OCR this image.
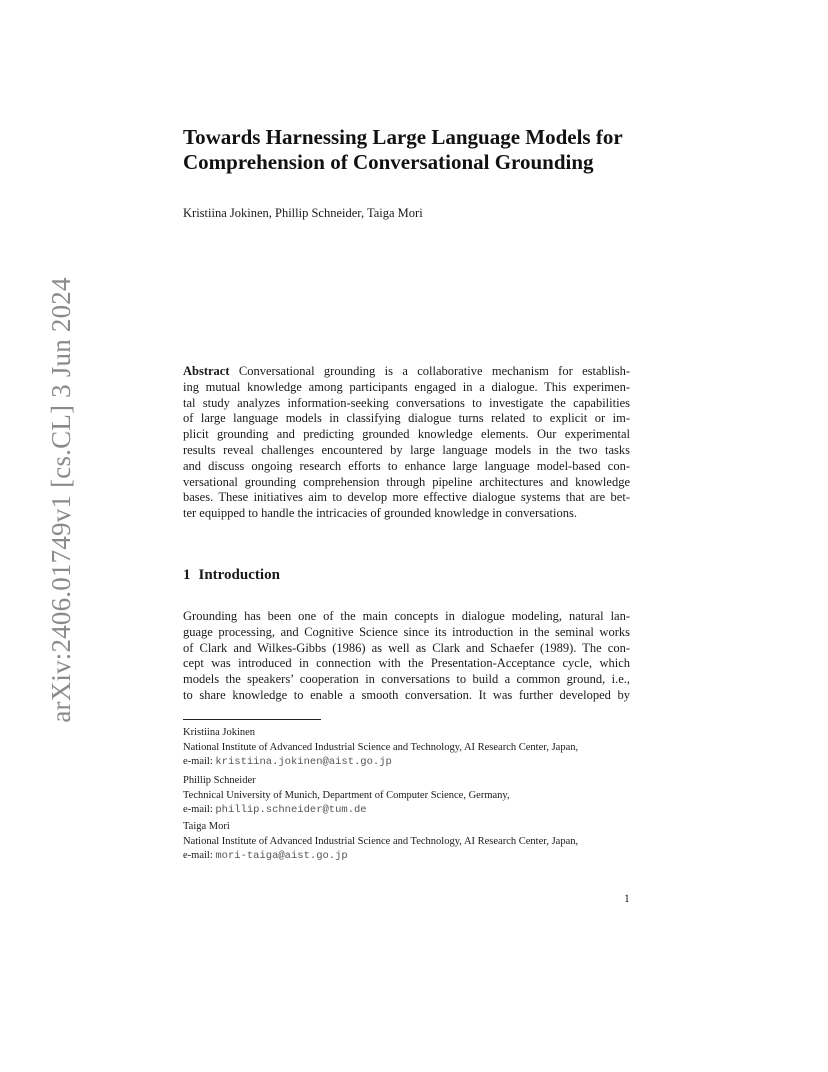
arXiv:2406.01749v1 [cs.CL] 3 Jun 2024
Towards Harnessing Large Language Models for
Comprehension of Conversational Grounding
Kristiina Jokinen, Phillip Schneider, Taiga Mori
Abstract Conversational grounding is a collaborative mechanism for establish-
ing mutual knowledge among participants engaged in a dialogue. This experimen-
tal study analyzes information-seeking conversations to investigate the capabilities
of large language models in classifying dialogue turns related to explicit or im-
plicit grounding and predicting grounded knowledge elements. Our experimental
results reveal challenges encountered by large language models in the two tasks
and discuss ongoing research efforts to enhance large language model-based con-
versational grounding comprehension through pipeline architectures and knowledge
bases. These initiatives aim to develop more effective dialogue systems that are bet-
ter equipped to handle the intricacies of grounded knowledge in conversations.
1 Introduction
Grounding has been one of the main concepts in dialogue modeling, natural lan-
guage processing, and Cognitive Science since its introduction in the seminal works
of Clark and Wilkes-Gibbs (1986) as well as Clark and Schaefer (1989). The con-
cept was introduced in connection with the Presentation-Acceptance cycle, which
models the speakers’ cooperation in conversations to build a common ground, i.e.,
to share knowledge to enable a smooth conversation. It was further developed by
Kristiina Jokinen
National Institute of Advanced Industrial Science and Technology, AI Research Center, Japan,
e-mail: kristiina.jokinen@aist.go.jp
Phillip Schneider
Technical University of Munich, Department of Computer Science, Germany,
e-mail: phillip.schneider@tum.de
Taiga Mori
National Institute of Advanced Industrial Science and Technology, AI Research Center, Japan,
e-mail: mori-taiga@aist.go.jp
1
